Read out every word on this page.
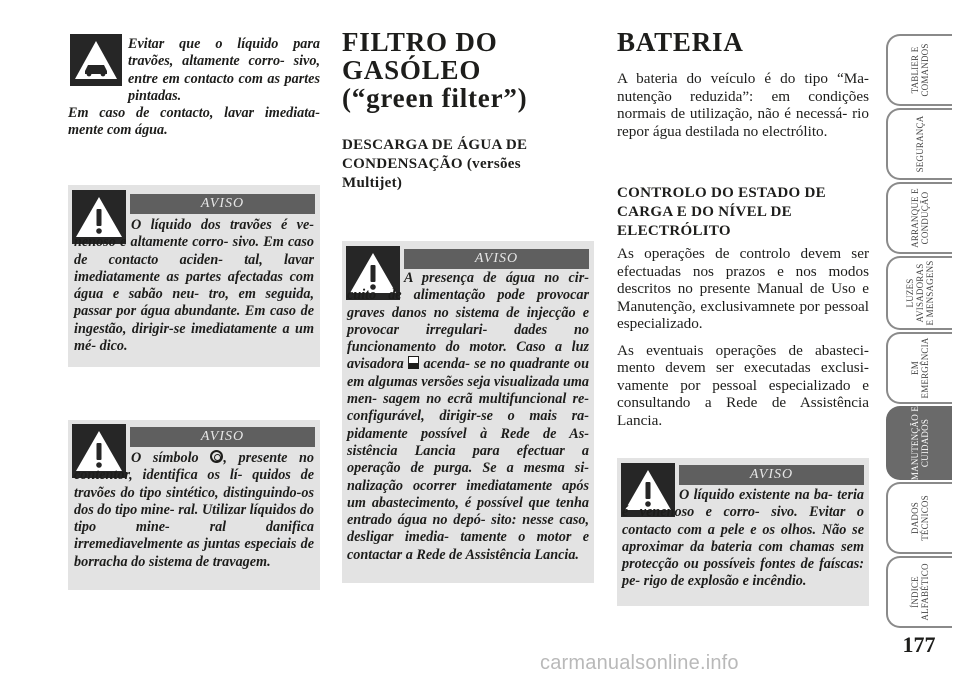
Evitar que o líquido para travões, altamente corro- sivo, entre em contacto com as partes pintadas.

Em caso de contacto, lavar imediata- mente com água.

AVISO
O líquido dos travões é ve- nenoso e altamente corro- sivo. Em caso de contacto aciden- tal, lavar imediatamente as partes afectadas com água e sabão neu- tro, em seguida, passar por água abundante. Em caso de ingestão, dirigir-se imediatamente a um mé- dico.
AVISO
O símbolo , presente no contentor, identifica os lí- quidos de travões do tipo sintético, distinguindo-os dos do tipo mine- ral. Utilizar líquidos do tipo mine- ral danifica irremediavelmente as juntas especiais de borracha do sistema de travagem.
FILTRO DO GASÓLEO (“green filter”)
DESCARGA DE ÁGUA DE CONDENSAÇÃO (versões Multijet)
AVISO
A presença de água no cir- cuito de alimentação pode provocar graves danos no sistema de injecção e provocar irregulari- dades no funcionamento do motor. Caso a luz avisadora acenda- se no quadrante ou em algumas versões seja visualizada uma men- sagem no ecrã multifuncional re- configurável, dirigir-se o mais ra- pidamente possível à Rede de As- sistência Lancia para efectuar a operação de purga. Se a mesma si- nalização ocorrer imediatamente após um abastecimento, é possível que tenha entrado água no depó- sito: nesse caso, desligar imedia- tamente o motor e contactar a Rede de Assistência Lancia.
BATERIA
A bateria do veículo é do tipo “Ma- nutenção reduzida”: em condições normais de utilização, não é necessá- rio repor água destilada no electrólito.
CONTROLO DO ESTADO DE CARGA E DO NÍVEL DE ELECTRÓLITO

As operações de controlo devem ser efectuadas nos prazos e nos modos descritos no presente Manual de Uso e Manutenção, exclusivamnete por pessoal especializado.

As eventuais operações de abasteci- mento devem ser executadas exclusi- vamente por pessoal especializado e consultando a Rede de Assistência Lancia.

AVISO
O líquido existente na ba- teria é venenoso e corro- sivo. Evitar o contacto com a pele e os olhos. Não se aproximar da bateria com chamas sem protecção ou possíveis fontes de faíscas: pe- rigo de explosão e incêndio.
TABLIER E
COMANDOS
SEGURANÇA
ARRANQUE E
CONDUÇÃO
LUZES
AVISADORAS
E MENSAGENS
EM
EMERGÊNCIA
MANUTENÇÃO E
CUIDADOS
DADOS
TÉCNICOS
ÍNDICE
ALFABÉTICO
177
carmanualsonline.info
